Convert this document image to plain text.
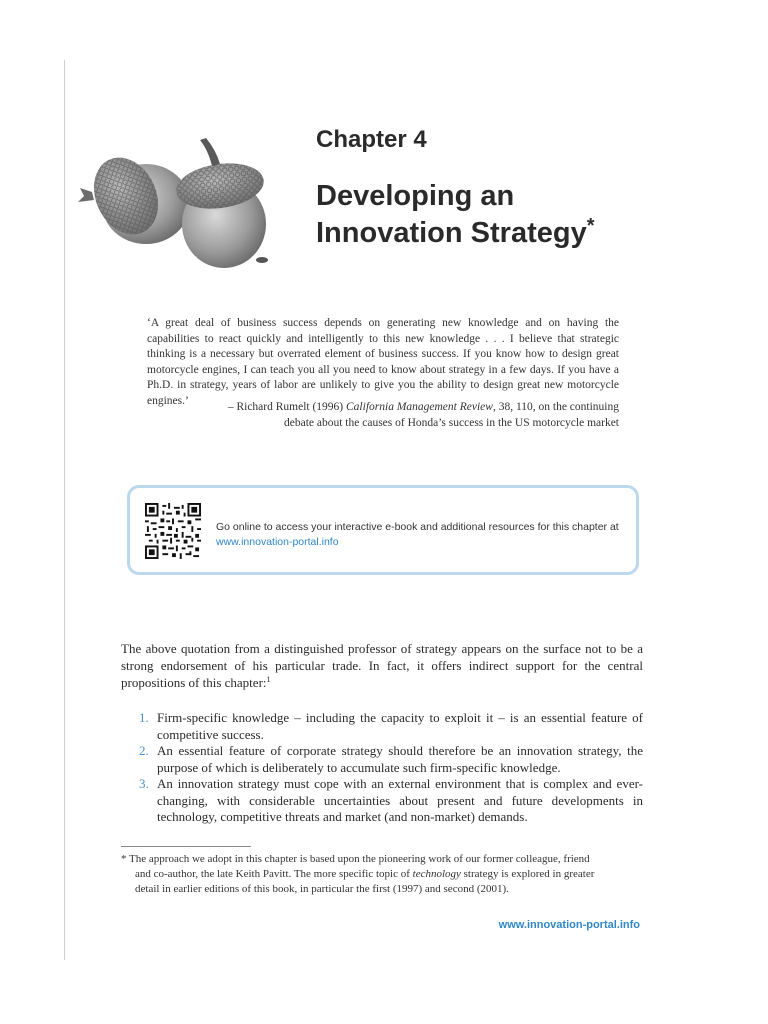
Chapter 4
Developing an
Innovation Strategy*
‘A great deal of business success depends on generating new knowledge and on having the capabilities to react quickly and intelligently to this new knowledge . . . I believe that strategic thinking is a necessary but overrated element of business success. If you know how to design great motorcycle engines, I can teach you all you need to know about strategy in a few days. If you have a Ph.D. in strategy, years of labor are unlikely to give you the ability to design great new motorcycle engines.’
– Richard Rumelt (1996) California Management Review, 38, 110, on the continuing
debate about the causes of Honda’s success in the US motorcycle market
Go online to access your interactive e-book and additional resources for this chapter at
www.innovation-portal.info
The above quotation from a distinguished professor of strategy appears on the surface not to be a strong endorsement of his particular trade. In fact, it offers indirect support for the central propositions of this chapter:$^1$
1. Firm-specific knowledge – including the capacity to exploit it – is an essential feature of competitive success.
2. An essential feature of corporate strategy should therefore be an innovation strategy, the purpose of which is deliberately to accumulate such firm-specific knowledge.
3. An innovation strategy must cope with an external environment that is complex and ever-changing, with considerable uncertainties about present and future developments in technology, competitive threats and market (and non-market) demands.
* The approach we adopt in this chapter is based upon the pioneering work of our former colleague, friend
and co-author, the late Keith Pavitt. The more specific topic of technology strategy is explored in greater
detail in earlier editions of this book, in particular the first (1997) and second (2001).
www.innovation-portal.info
